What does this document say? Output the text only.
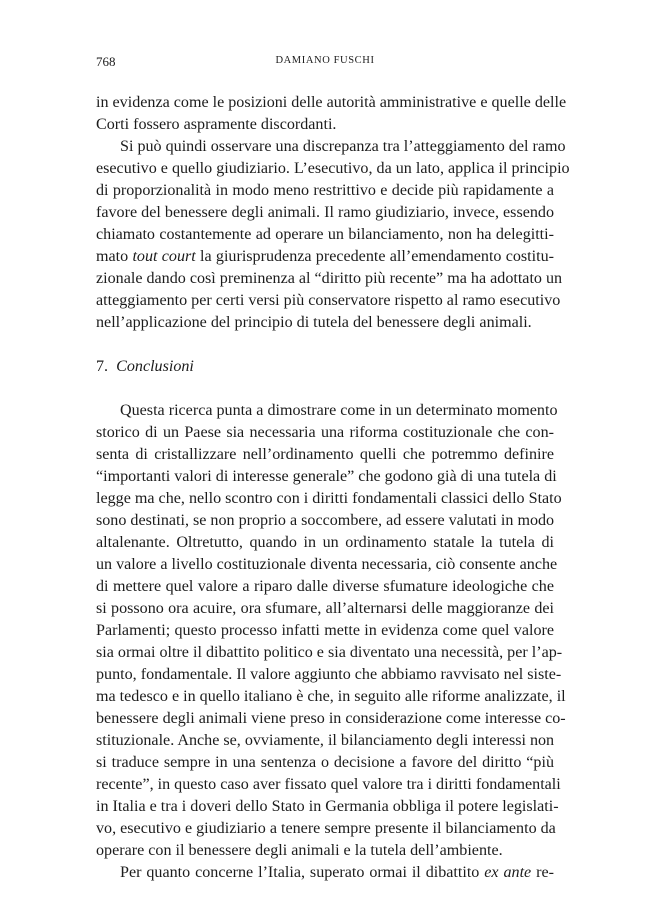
768	DAMIANO FUSCHI
in evidenza come le posizioni delle autorità amministrative e quelle delle
Corti fossero aspramente discordanti.
Si può quindi osservare una discrepanza tra l’atteggiamento del ramo
esecutivo e quello giudiziario. L’esecutivo, da un lato, applica il principio
di proporzionalità in modo meno restrittivo e decide più rapidamente a
favore del benessere degli animali. Il ramo giudiziario, invece, essendo
chiamato costantemente ad operare un bilanciamento, non ha delegitti-
mato tout court la giurisprudenza precedente all’emendamento costitu-
zionale dando così preminenza al “diritto più recente” ma ha adottato un
atteggiamento per certi versi più conservatore rispetto al ramo esecutivo
nell’applicazione del principio di tutela del benessere degli animali.
7. Conclusioni
Questa ricerca punta a dimostrare come in un determinato momento
storico di un Paese sia necessaria una riforma costituzionale che con-
senta di cristallizzare nell’ordinamento quelli che potremmo definire
“importanti valori di interesse generale” che godono già di una tutela di
legge ma che, nello scontro con i diritti fondamentali classici dello Stato
sono destinati, se non proprio a soccombere, ad essere valutati in modo
altalenante. Oltretutto, quando in un ordinamento statale la tutela di
un valore a livello costituzionale diventa necessaria, ciò consente anche
di mettere quel valore a riparo dalle diverse sfumature ideologiche che
si possono ora acuire, ora sfumare, all’alternarsi delle maggioranze dei
Parlamenti; questo processo infatti mette in evidenza come quel valore
sia ormai oltre il dibattito politico e sia diventato una necessità, per l’ap-
punto, fondamentale. Il valore aggiunto che abbiamo ravvisato nel siste-
ma tedesco e in quello italiano è che, in seguito alle riforme analizzate, il
benessere degli animali viene preso in considerazione come interesse co-
stituzionale. Anche se, ovviamente, il bilanciamento degli interessi non
si traduce sempre in una sentenza o decisione a favore del diritto “più
recente”, in questo caso aver fissato quel valore tra i diritti fondamentali
in Italia e tra i doveri dello Stato in Germania obbliga il potere legislati-
vo, esecutivo e giudiziario a tenere sempre presente il bilanciamento da
operare con il benessere degli animali e la tutela dell’ambiente.
Per quanto concerne l’Italia, superato ormai il dibattito ex ante re-
